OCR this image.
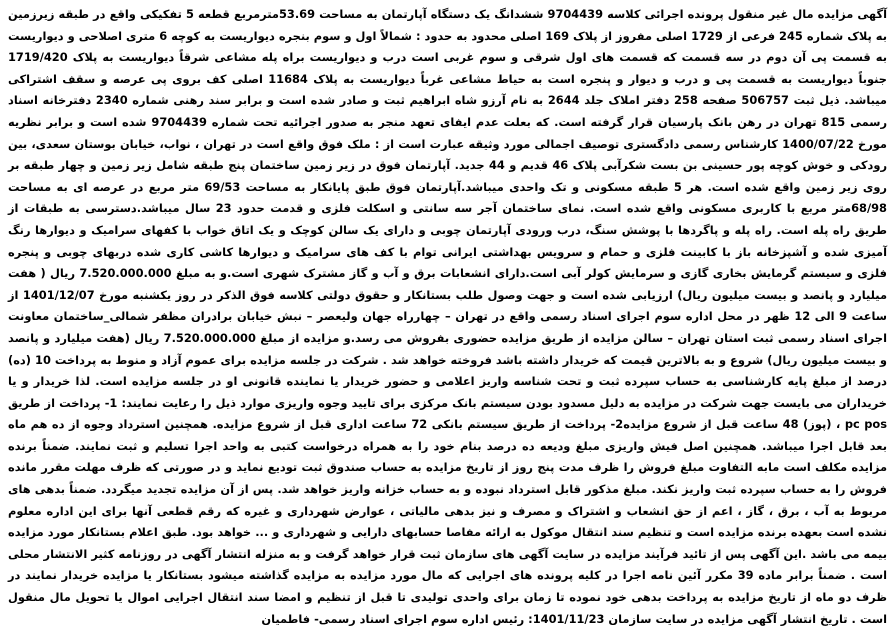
آگهی مزایده مال غیر منقول پرونده اجرائی کلاسه 9704439 ششدانگ یک دستگاه آپارتمان به مساحت 53.69مترمربع قطعه 5 تفکیکی واقع در طبقه زیرزمین به پلاک شماره 245 فرعی از 1729 اصلی مفروز از پلاک 169 اصلی محدود به حدود : شمالاً اول و سوم بنجره دیواریست به کوچه 6 متری اصلاحی و دیواریست به قسمت پی آن دوم در سه قسمت که قسمت های اول شرقی و سوم غربی است درب و دیواریست براه پله مشاعی شرقاً دیواریست به پلاک 1719/420 جنوباً دیواریست به قسمت پی و درب و دیوار و پنجره است به حیاط مشاعی غرباً دیواریست به پلاک 11684 اصلی کف بروی پی عرصه و سقف اشتراکی میباشد. ذیل ثبت 506757 صفحه 258 دفتر املاک جلد 2644 به نام آرزو شاه ابراهیم ثبت و صادر شده است و برابر سند رهنی شماره 2340 دفترخانه اسناد رسمی 815 تهران در رهن بانک پارسیان قرار گرفته است. که بعلت عدم ایفای تعهد منجر به صدور اجرائیه تحت شماره 9704439 شده است و برابر نظریه مورخ 1400/07/22 کارشناس رسمی دادگستری توصیف اجمالی مورد وثیقه عبارت است از : ملک فوق واقع است در تهران ، نواب، خیابان بوستان سعدی، بین رودکی و خوش کوچه پور حسینی بن بست شکرآبی پلاک 46 قدیم و 44 جدید. آپارتمان فوق در زیر زمین ساختمان پنج طبقه شامل زیر زمین و چهار طبقه بر روی زیر زمین واقع شده است. هر 5 طبقه مسکونی و تک واحدی میباشد.آپارتمان فوق طبق پایانکار به مساحت 69/53 متر مربع در عرصه ای به مساحت 68/98متر مربع با کاربری مسکونی واقع شده است. نمای ساختمان آجر سه سانتی و اسکلت فلزی و قدمت حدود 23 سال میباشد.دسترسی به طبقات از طریق راه پله است. راه پله و پاگردها با پوشش سنگ، درب ورودی آپارتمان چوبی و دارای یک سالن کوچک و یک اتاق خواب با کفهای سرامیک و دیوارها رنگ آمیزی شده و آشپزخانه باز با کابینت فلزی و حمام و سرویس بهداشتی ایرانی توام با کف های سرامیک و دیوارها کاشی کاری شده دربهای چوبی و پنجره فلزی و سیستم گرمایش بخاری گازی و سرمایش کولر آبی است.دارای انشعابات برق و آب و گاز مشترک شهری است.و به مبلغ 7.520.000.000 ریال ( هفت میلیارد و پانصد و بیست میلیون ریال) ارزیابی شده است و جهت وصول طلب بستانکار و حقوق دولتی کلاسه فوق الذکر در روز یکشنبه مورخ 1401/12/07 از ساعت 9 الی 12 ظهر در محل اداره سوم اجرای اسناد رسمی واقع در تهران – چهارراه جهان ولیعصر – نبش خیابان برادران مظفر شمالی_ساختمان معاونت اجرای اسناد رسمی ثبت استان تهران – سالن مزایده از طریق مزایده حضوری بفروش می رسد.و مزایده از مبلغ 7.520.000.000 ریال (هفت میلیارد و پانصد و بیست میلیون ریال) شروع و به بالاترین قیمت که خریدار داشته باشد فروخته خواهد شد . شرکت در جلسه مزایده برای عموم آزاد و منوط به پرداخت 10 (ده) درصد از مبلغ پایه کارشناسی به حساب سپرده ثبت و تحت شناسه واریز اعلامی و حضور خریدار یا نماینده قانونی او در جلسه مزایده است. لذا خریدار و یا خریداران می بایست جهت شرکت در مزایده به دلیل مسدود بودن سیستم بانک مرکزی برای تایید وجوه واریزی موارد ذیل را رعایت نمایند: 1- پرداخت از طریق pc pos ، (پوز) 48 ساعت قبل از شروع مزایده2- پرداخت از طریق سیستم بانکی 72 ساعت اداری قبل از شروع مزایده. همچنین استرداد وجوه از ده هم ماه بعد قابل اجرا میباشد. همچنین اصل فیش واریزی مبلغ ودیعه ده درصد بنام خود را به همراه درخواست کتبی به واحد اجرا تسلیم و ثبت نمایند. ضمناً برنده مزایده مکلف است مابه التفاوت مبلغ فروش را ظرف مدت پنج روز از تاریخ مزایده به حساب صندوق ثبت تودیع نماید و در صورتی که ظرف مهلت مقرر مانده فروش را به حساب سپرده ثبت واریز نکند. مبلغ مذکور قابل استرداد نبوده و به حساب خزانه واریز خواهد شد. پس از آن مزایده تجدید میگردد. ضمناً بدهی های مربوط به آب ، برق ، گاز ، اعم از حق انشعاب و اشتراک و مصرف و نیز بدهی مالیاتی ، عوارض شهرداری و غیره که رقم قطعی آنها برای این اداره معلوم نشده است بعهده برنده مزایده است و تنظیم سند انتقال موکول به ارائه مفاصا حسابهای دارایی و شهرداری و ... خواهد بود. طبق اعلام بستانکار مورد مزایده بیمه می باشد .این آگهی پس از تائید فرآیند مزایده در سایت آگهی های سازمان ثبت قرار خواهد گرفت و به منزله انتشار آگهی در روزنامه کثیر الانتشار محلی است . ضمناً برابر ماده 39 مکرر آئین نامه اجرا در کلیه پرونده های اجرایی که مال مورد مزایده به مزایده گذاشته میشود بستانکار یا مزایده خریدار نمایند در ظرف دو ماه از تاریخ مزایده به پرداخت بدهی خود نموده تا زمان برای واحدی تولیدی تا قبل از تنظیم و امضا سند انتقال اجرایی اموال یا تحویل مال منقول است . تاریخ انتشار آگهی مزایده در سایت سازمان 1401/11/23: رئیس اداره سوم اجرای اسناد رسمی- فاطمیان
